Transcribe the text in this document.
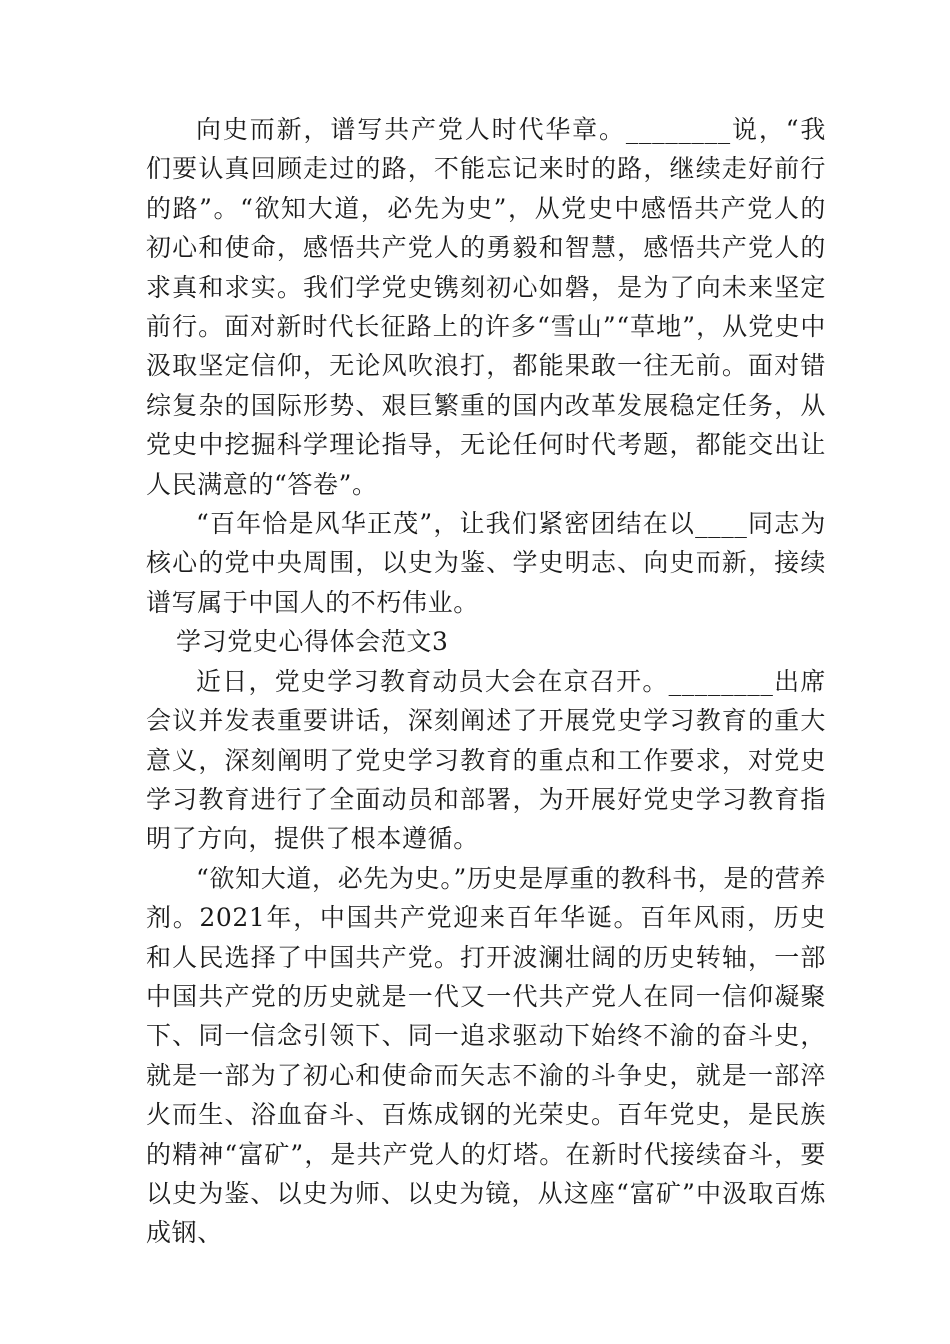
向史而新，谱写共产党人时代华章。________说，“我们要认真回顾走过的路，不能忘记来时的路，继续走好前行的路”。“欲知大道，必先为史”，从党史中感悟共产党人的初心和使命，感悟共产党人的勇毅和智慧，感悟共产党人的求真和求实。我们学党史镌刻初心如磐，是为了向未来坚定前行。面对新时代长征路上的许多“雪山”“草地”，从党史中汲取坚定信仰，无论风吹浪打，都能果敢一往无前。面对错综复杂的国际形势、艰巨繁重的国内改革发展稳定任务，从党史中挖掘科学理论指导，无论任何时代考题，都能交出让人民满意的“答卷”。

“百年恰是风华正茂”，让我们紧密团结在以____同志为核心的党中央周围，以史为鉴、学史明志、向史而新，接续谱写属于中国人的不朽伟业。

学习党史心得体会范文3

近日，党史学习教育动员大会在京召开。________出席会议并发表重要讲话，深刻阐述了开展党史学习教育的重大意义，深刻阐明了党史学习教育的重点和工作要求，对党史学习教育进行了全面动员和部署，为开展好党史学习教育指明了方向，提供了根本遵循。

“欲知大道，必先为史。”历史是厚重的教科书，是的营养剂。2021年，中国共产党迎来百年华诞。百年风雨，历史和人民选择了中国共产党。打开波澜壮阔的历史转轴，一部中国共产党的历史就是一代又一代共产党人在同一信仰凝聚下、同一信念引领下、同一追求驱动下始终不渝的奋斗史，就是一部为了初心和使命而矢志不渝的斗争史，就是一部淬火而生、浴血奋斗、百炼成钢的光荣史。百年党史，是民族的精神“富矿”，是共产党人的灯塔。在新时代接续奋斗，要以史为鉴、以史为师、以史为镜，从这座“富矿”中汲取百炼成钢、
